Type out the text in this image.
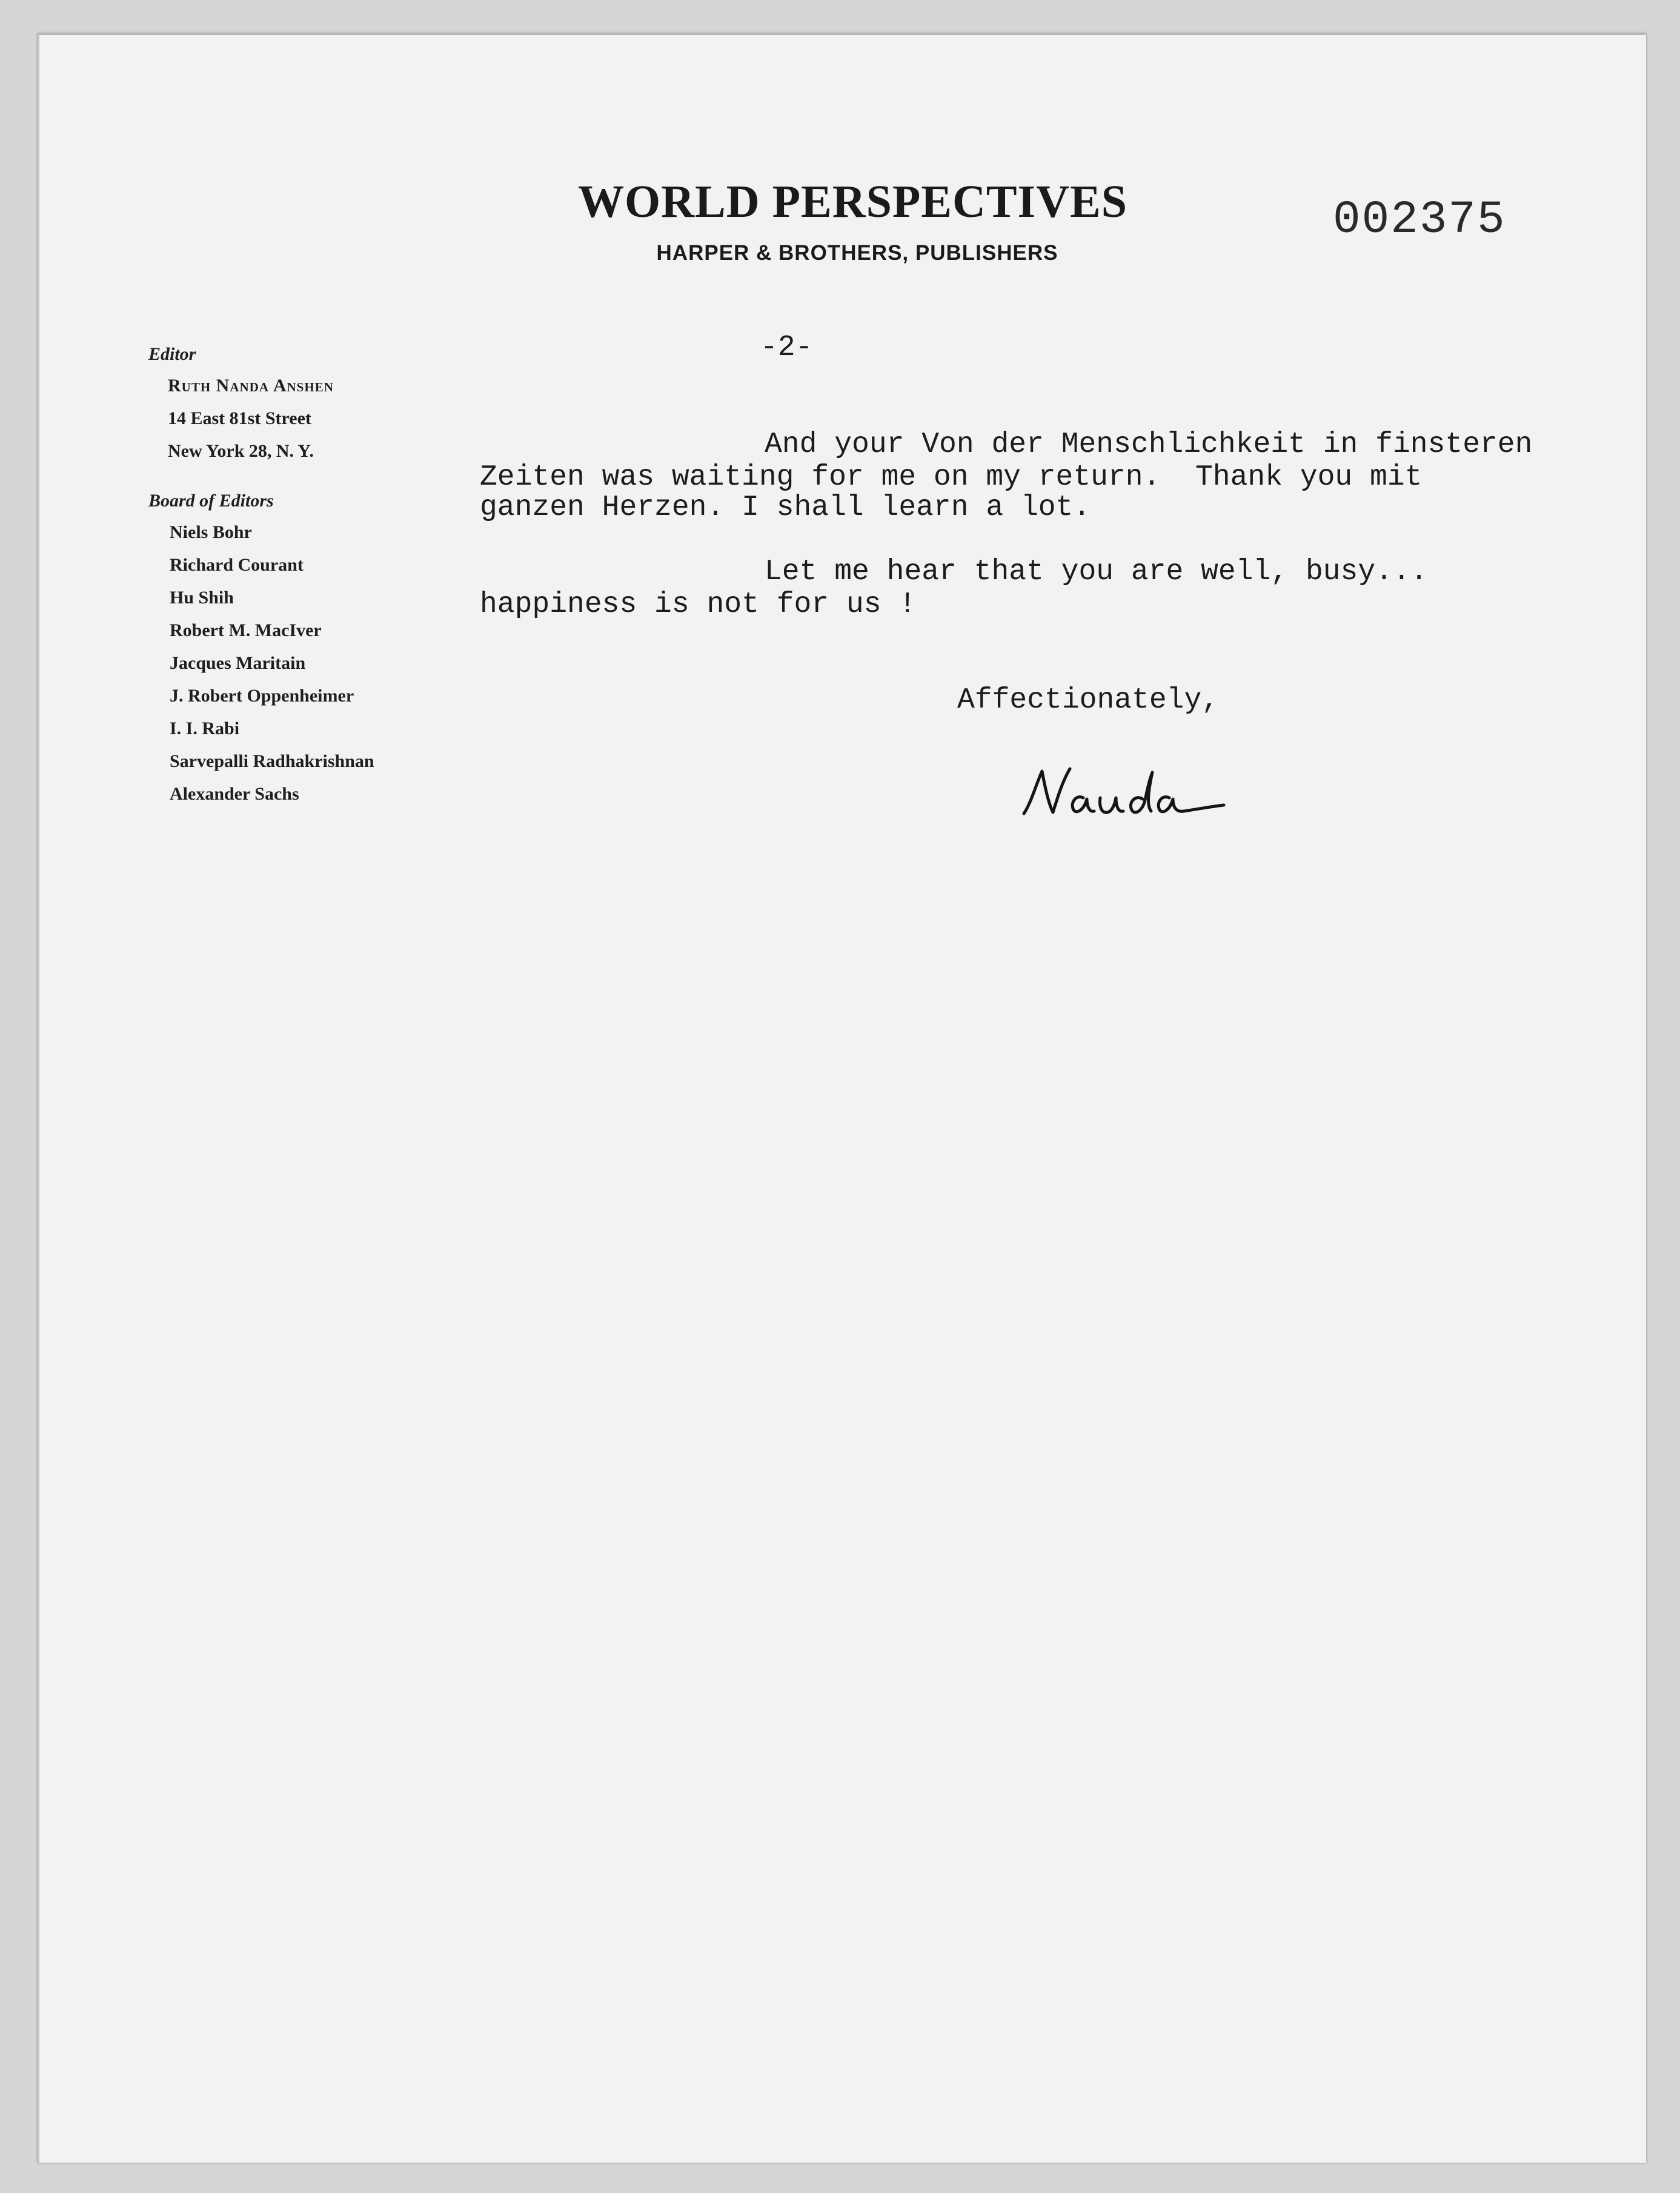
WORLD PERSPECTIVES
HARPER & BROTHERS, PUBLISHERS
002375

Editor

Ruth Nanda Anshen
14 East 81st Street
New York 28, N. Y.

Board of Editors

Niels Bohr
Richard Courant
Hu Shih
Robert M. MacIver
Jacques Maritain
J. Robert Oppenheimer
I. I. Rabi
Sarvepalli Radhakrishnan
Alexander Sachs
-2-
And your Von der Menschlichkeit in finsteren
Zeiten was waiting for me on my return.  Thank you mit
ganzen Herzen. I shall learn a lot.
Let me hear that you are well, busy...
happiness is not for us !
Affectionately,
